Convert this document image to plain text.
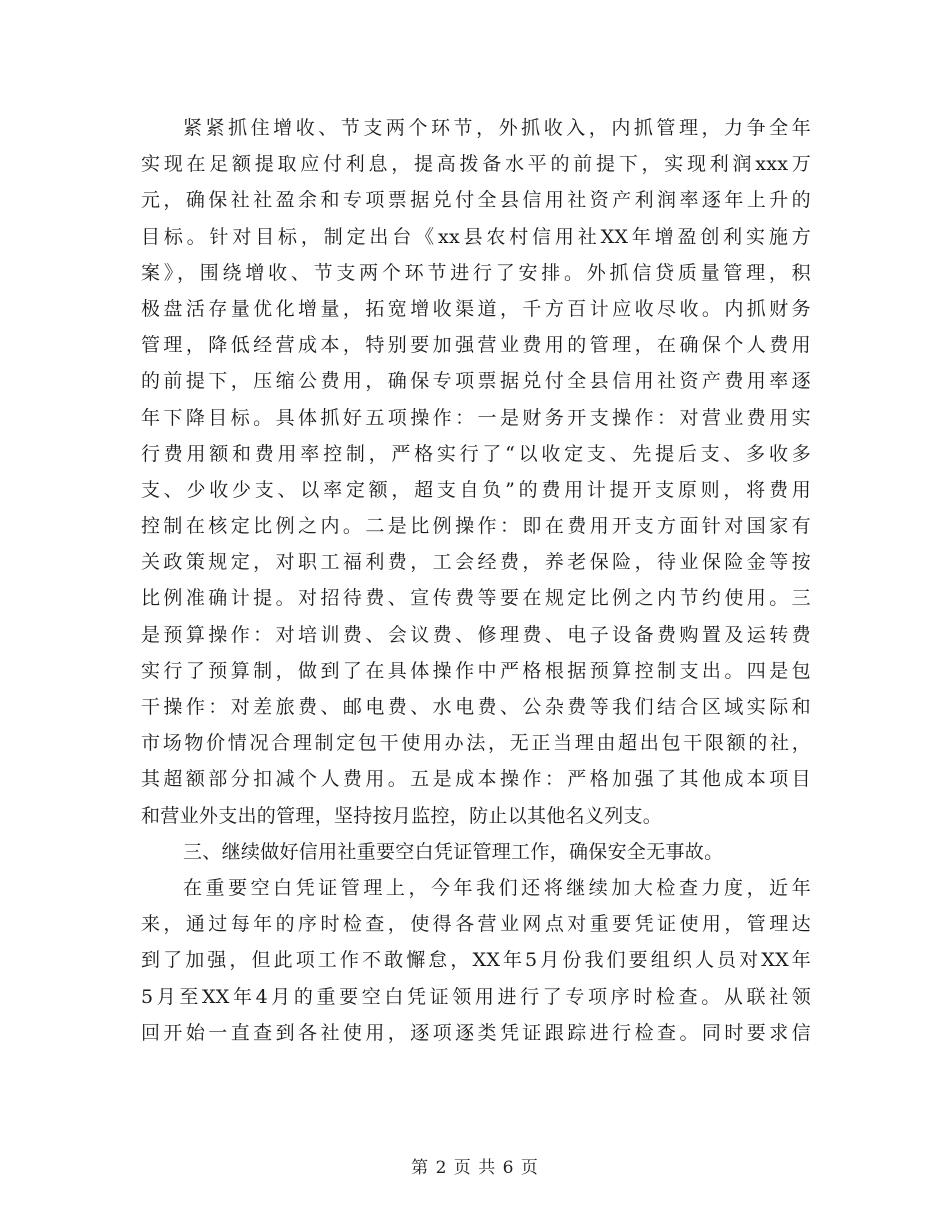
紧紧抓住增收、节支两个环节，外抓收入，内抓管理，力争全年
实现在足额提取应付利息，提高拨备水平的前提下，实现利润xxx万
元，确保社社盈余和专项票据兑付全县信用社资产利润率逐年上升的
目标。针对目标，制定出台《xx县农村信用社XX年增盈创利实施方
案》，围绕增收、节支两个环节进行了安排。外抓信贷质量管理，积
极盘活存量优化增量，拓宽增收渠道，千方百计应收尽收。内抓财务
管理，降低经营成本，特别要加强营业费用的管理，在确保个人费用
的前提下，压缩公费用，确保专项票据兑付全县信用社资产费用率逐
年下降目标。具体抓好五项操作：一是财务开支操作：对营业费用实
行费用额和费用率控制，严格实行了“以收定支、先提后支、多收多
支、少收少支、以率定额，超支自负”的费用计提开支原则，将费用
控制在核定比例之内。二是比例操作：即在费用开支方面针对国家有
关政策规定，对职工福利费，工会经费，养老保险，待业保险金等按
比例准确计提。对招待费、宣传费等要在规定比例之内节约使用。三
是预算操作：对培训费、会议费、修理费、电子设备费购置及运转费
实行了预算制，做到了在具体操作中严格根据预算控制支出。四是包
干操作：对差旅费、邮电费、水电费、公杂费等我们结合区域实际和
市场物价情况合理制定包干使用办法，无正当理由超出包干限额的社，
其超额部分扣减个人费用。五是成本操作：严格加强了其他成本项目
和营业外支出的管理，坚持按月监控，防止以其他名义列支。
三、继续做好信用社重要空白凭证管理工作，确保安全无事故。
在重要空白凭证管理上，今年我们还将继续加大检查力度，近年
来，通过每年的序时检查，使得各营业网点对重要凭证使用，管理达
到了加强，但此项工作不敢懈怠，XX年5月份我们要组织人员对XX年
5月至XX年4月的重要空白凭证领用进行了专项序时检查。从联社领
回开始一直查到各社使用，逐项逐类凭证跟踪进行检查。同时要求信
第 2 页 共 6 页
